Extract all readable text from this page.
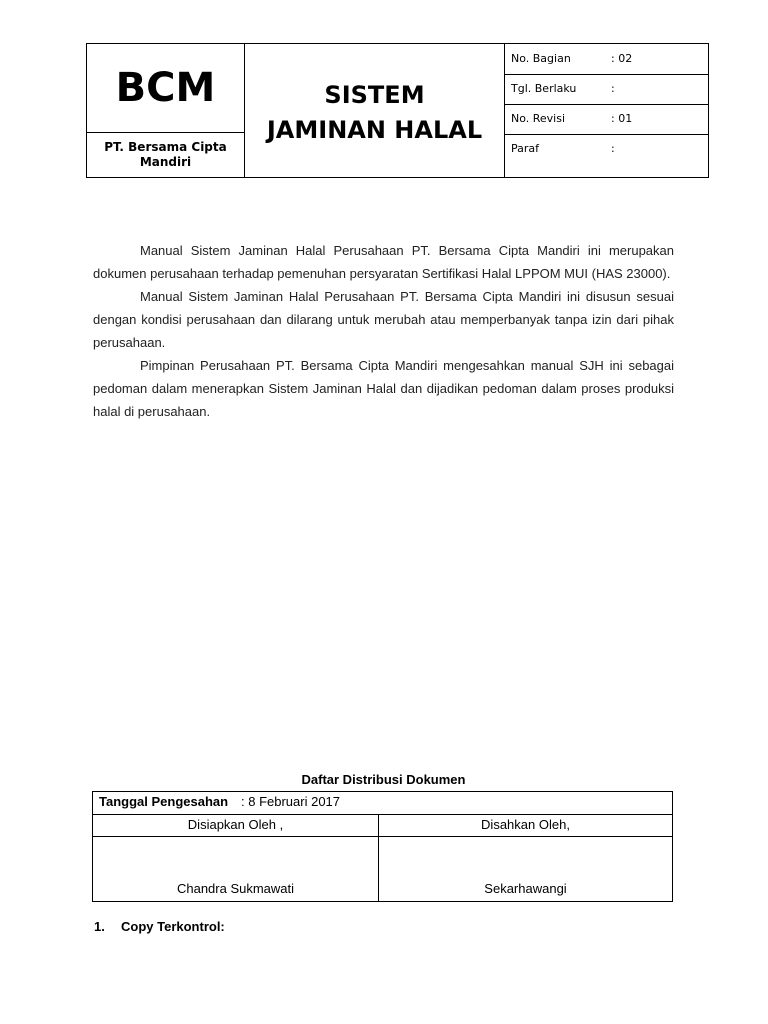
BCM
PT. Bersama Cipta Mandiri
SISTEM
JAMINAN HALAL
No. Bagian	: 02
Tgl. Berlaku	:
No. Revisi	: 01
Paraf	:

Manual Sistem Jaminan Halal Perusahaan PT. Bersama Cipta Mandiri ini merupakan dokumen perusahaan terhadap pemenuhan persyaratan Sertifikasi Halal LPPOM MUI (HAS 23000).

Manual Sistem Jaminan Halal Perusahaan PT. Bersama Cipta Mandiri ini disusun sesuai dengan kondisi perusahaan dan dilarang untuk merubah atau memperbanyak tanpa izin dari pihak perusahaan.

Pimpinan Perusahaan PT. Bersama Cipta Mandiri mengesahkan manual SJH ini sebagai pedoman dalam menerapkan Sistem Jaminan Halal dan dijadikan pedoman dalam proses produksi halal di perusahaan.

Daftar Distribusi Dokumen
Tanggal Pengesahan : 8 Februari 2017
Disiapkan Oleh ,	Disahkan Oleh,
Chandra Sukmawati	Sekarhawangi
1. Copy Terkontrol:
